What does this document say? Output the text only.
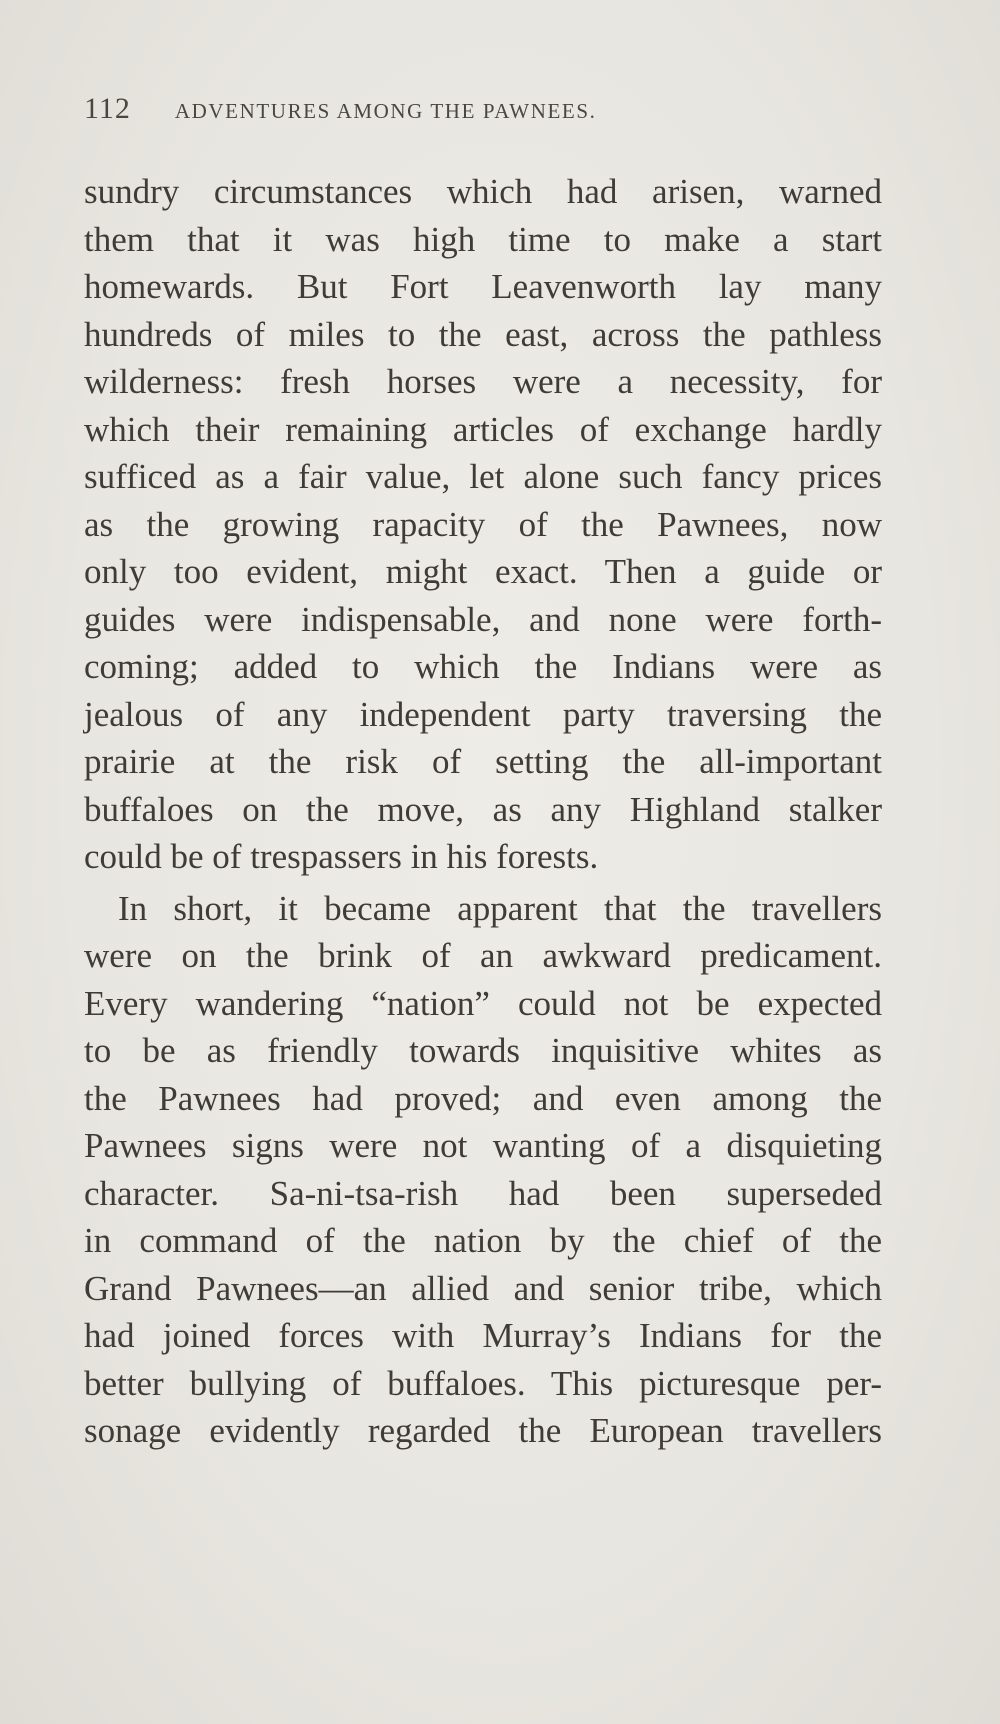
112 ADVENTURES AMONG THE PAWNEES.
sundry circumstances which had arisen, warned
them that it was high time to make a start
homewards. But Fort Leavenworth lay many
hundreds of miles to the east, across the pathless
wilderness: fresh horses were a necessity, for
which their remaining articles of exchange hardly
sufficed as a fair value, let alone such fancy prices
as the growing rapacity of the Pawnees, now
only too evident, might exact. Then a guide or
guides were indispensable, and none were forth-
coming; added to which the Indians were as
jealous of any independent party traversing the
prairie at the risk of setting the all-important
buffaloes on the move, as any Highland stalker
could be of trespassers in his forests.
In short, it became apparent that the travellers
were on the brink of an awkward predicament.
Every wandering “nation” could not be expected
to be as friendly towards inquisitive whites as
the Pawnees had proved; and even among the
Pawnees signs were not wanting of a disquieting
character. Sa-ni-tsa-rish had been superseded
in command of the nation by the chief of the
Grand Pawnees—an allied and senior tribe, which
had joined forces with Murray’s Indians for the
better bullying of buffaloes. This picturesque per-
sonage evidently regarded the European travellers
